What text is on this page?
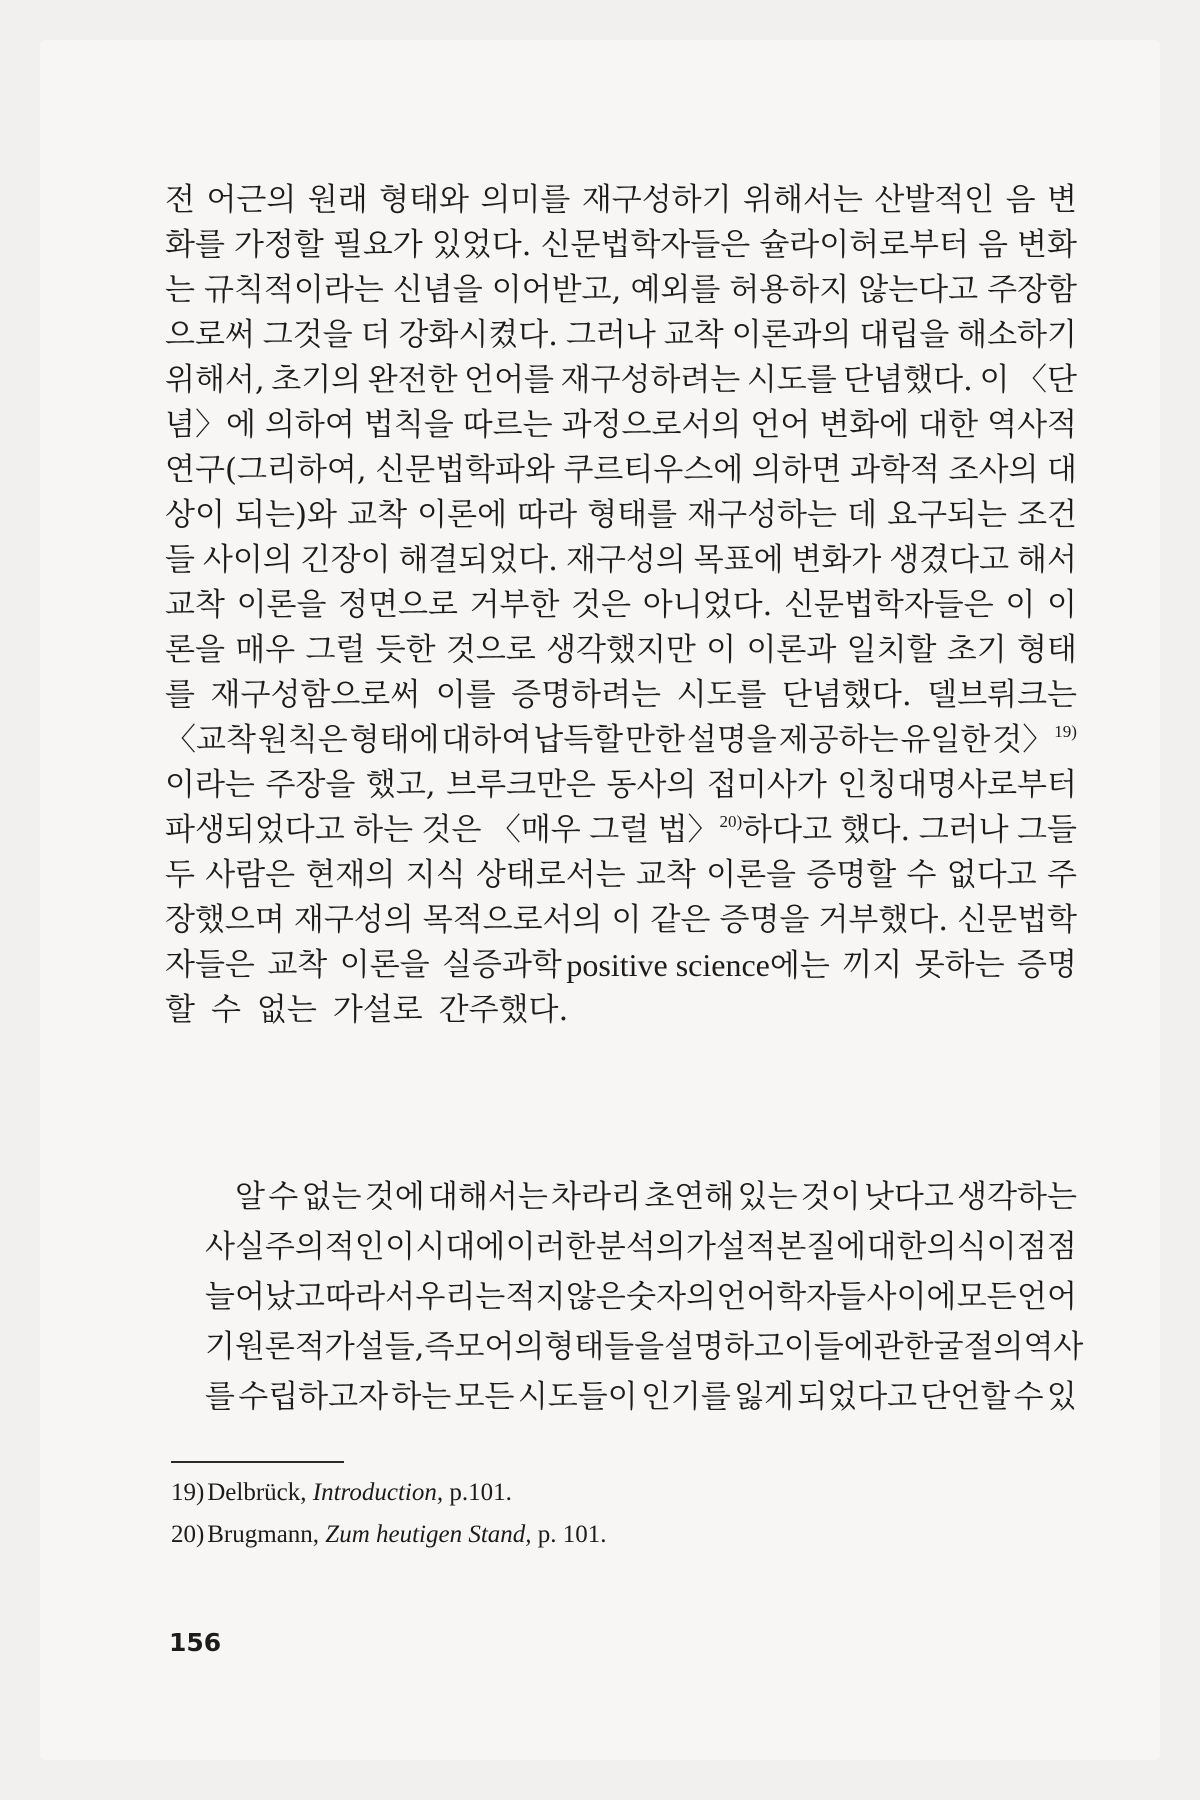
전 어근의 원래 형태와 의미를 재구성하기 위해서는 산발적인 음 변
화를 가정할 필요가 있었다. 신문법학자들은 슐라이허로부터 음 변화
는 규칙적이라는 신념을 이어받고, 예외를 허용하지 않는다고 주장함
으로써 그것을 더 강화시켰다. 그러나 교착 이론과의 대립을 해소하기
위해서, 초기의 완전한 언어를 재구성하려는 시도를 단념했다. 이 〈단
념〉에 의하여 법칙을 따르는 과정으로서의 언어 변화에 대한 역사적
연구(그리하여, 신문법학파와 쿠르티우스에 의하면 과학적 조사의 대
상이 되는)와 교착 이론에 따라 형태를 재구성하는 데 요구되는 조건
들 사이의 긴장이 해결되었다. 재구성의 목표에 변화가 생겼다고 해서
교착 이론을 정면으로 거부한 것은 아니었다. 신문법학자들은 이 이
론을 매우 그럴 듯한 것으로 생각했지만 이 이론과 일치할 초기 형태
를 재구성함으로써 이를 증명하려는 시도를 단념했다. 델브뤼크는
〈교착 원칙은 형태에 대하여 납득할 만한 설명을 제공하는 유일한 것〉$^{19)}$
이라는 주장을 했고, 브루크만은 동사의 접미사가 인칭대명사로부터
파생되었다고 하는 것은 〈매우 그럴 법〉$^{20)}$하다고 했다. 그러나 그들
두 사람은 현재의 지식 상태로서는 교착 이론을 증명할 수 없다고 주
장했으며 재구성의 목적으로서의 이 같은 증명을 거부했다. 신문법학
자들은 교착 이론을 실증과학 positive science에는 끼지 못하는 증명
할 수 없는 가설로 간주했다.
알 수 없는 것에 대해서는 차라리 초연해 있는 것이 낫다고 생각하는
사실주의적인 이 시대에 이러한 분석의 가설적 본질에 대한 의식이 점점
늘어났고 따라서 우리는 적지 않은 숫자의 언어학자들 사이에 모든 언어
기원론적 가설들, 즉 모어의 형태들을 설명하고 이들에 관한 굴절의 역사
를 수립하고자 하는 모든 시도들이 인기를 잃게 되었다고 단언할 수 있
19) Delbrück, Introduction, p.101.
20) Brugmann, Zum heutigen Stand, p. 101.
156
